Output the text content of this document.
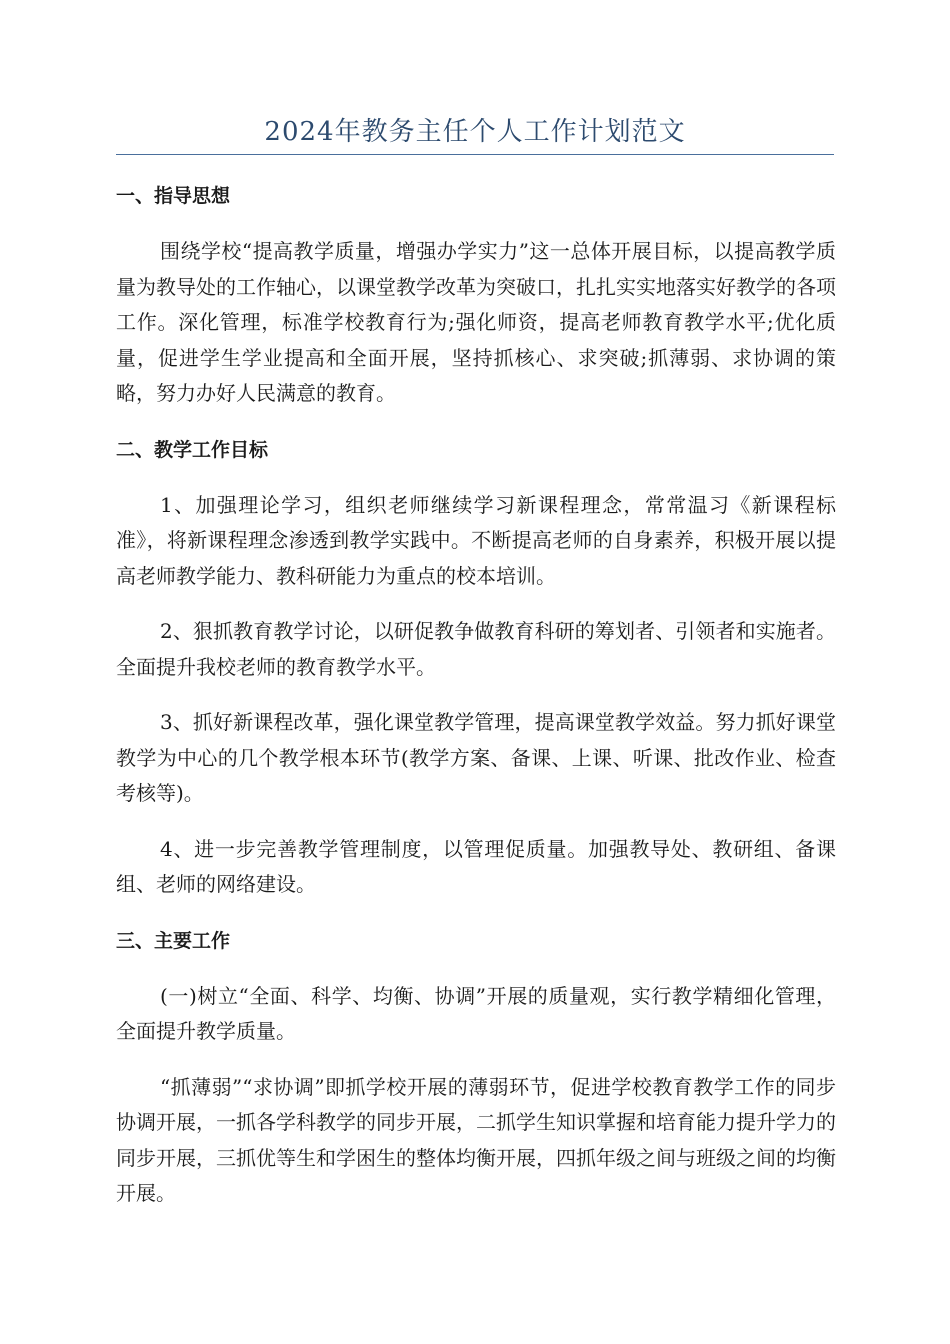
2024年教务主任个人工作计划范文
一、指导思想

围绕学校“提高教学质量，增强办学实力”这一总体开展目标，以提高教学质量为教导处的工作轴心，以课堂教学改革为突破口，扎扎实实地落实好教学的各项工作。深化管理，标准学校教育行为;强化师资，提高老师教育教学水平;优化质量，促进学生学业提高和全面开展，坚持抓核心、求突破;抓薄弱、求协调的策略，努力办好人民满意的教育。

二、教学工作目标

1、加强理论学习，组织老师继续学习新课程理念，常常温习《新课程标准》，将新课程理念渗透到教学实践中。不断提高老师的自身素养，积极开展以提高老师教学能力、教科研能力为重点的校本培训。

2、狠抓教育教学讨论，以研促教争做教育科研的筹划者、引领者和实施者。全面提升我校老师的教育教学水平。

3、抓好新课程改革，强化课堂教学管理，提高课堂教学效益。努力抓好课堂教学为中心的几个教学根本环节(教学方案、备课、上课、听课、批改作业、检查考核等)。

4、进一步完善教学管理制度，以管理促质量。加强教导处、教研组、备课组、老师的网络建设。

三、主要工作

(一)树立“全面、科学、均衡、协调”开展的质量观，实行教学精细化管理，全面提升教学质量。

“抓薄弱”“求协调”即抓学校开展的薄弱环节，促进学校教育教学工作的同步协调开展，一抓各学科教学的同步开展，二抓学生知识掌握和培育能力提升学力的同步开展，三抓优等生和学困生的整体均衡开展，四抓年级之间与班级之间的均衡开展。
